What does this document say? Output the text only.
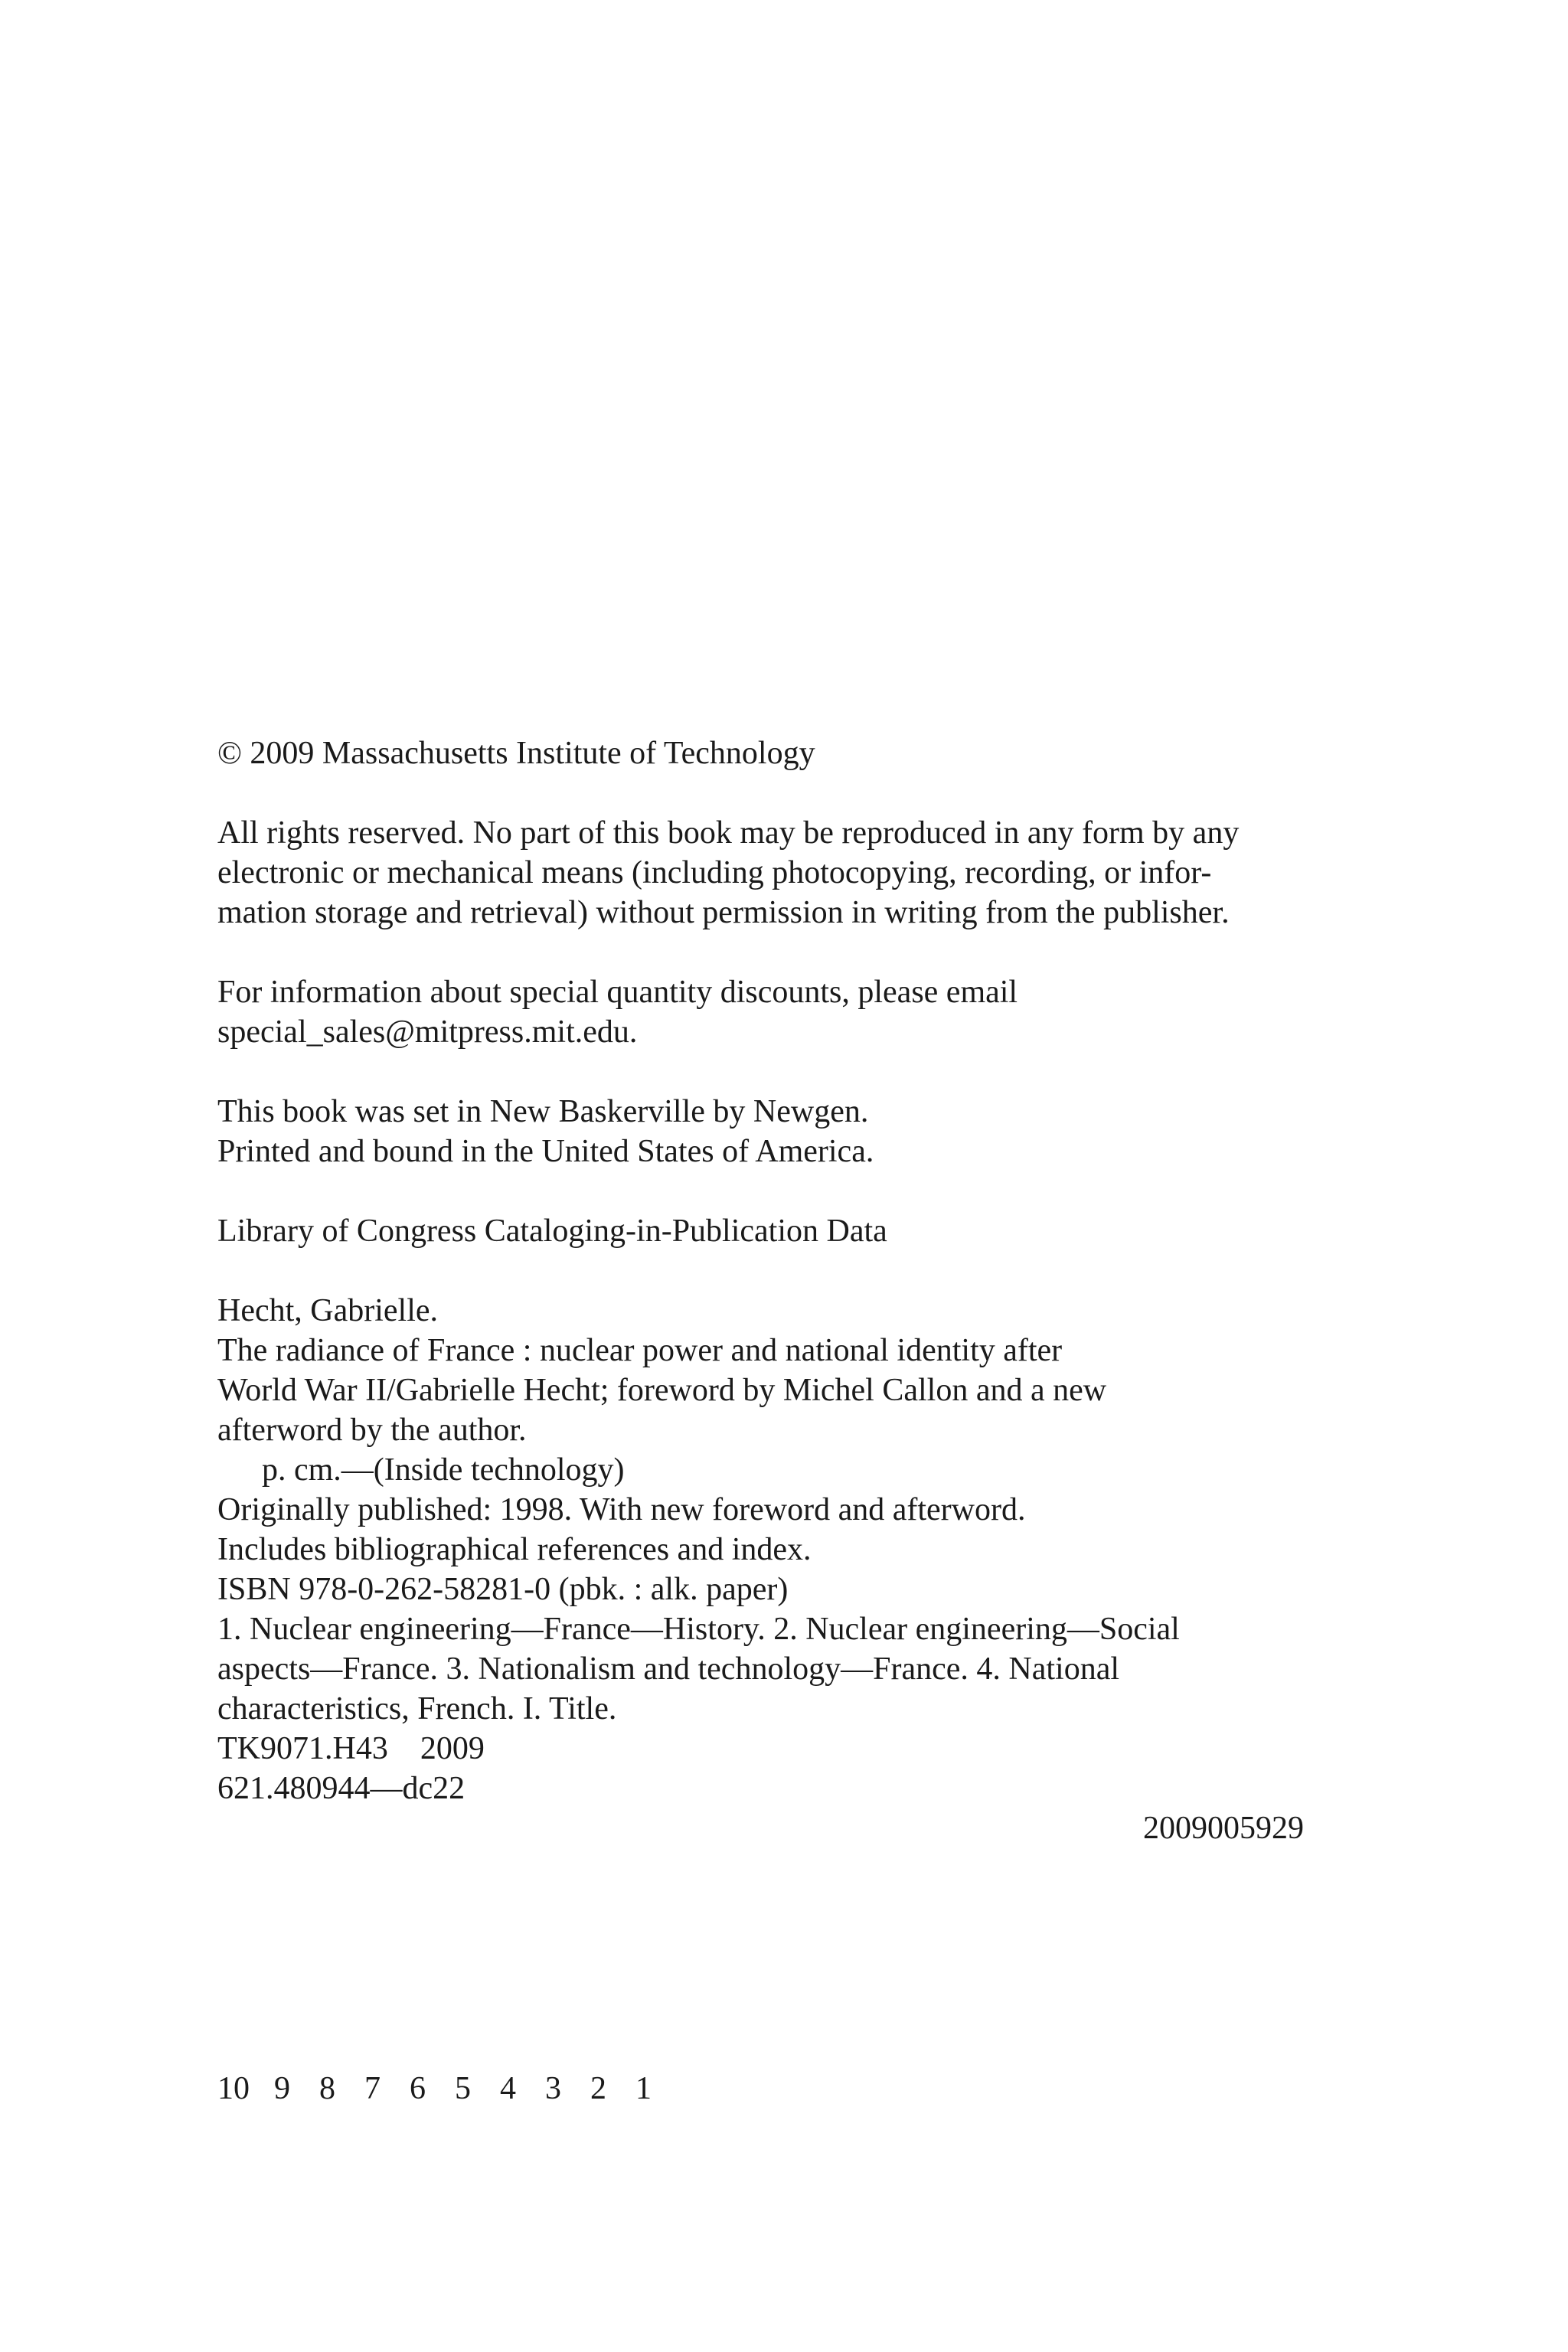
© 2009 Massachusetts Institute of Technology
All rights reserved. No part of this book may be reproduced in any form by any
electronic or mechanical means (including photocopying, recording, or infor-
mation storage and retrieval) without permission in writing from the publisher.
For information about special quantity discounts, please email
special_sales@mitpress.mit.edu.
This book was set in New Baskerville by Newgen.
Printed and bound in the United States of America.
Library of Congress Cataloging-in-Publication Data
Hecht, Gabrielle.
The radiance of France : nuclear power and national identity after
World War II/Gabrielle Hecht; foreword by Michel Callon and a new
afterword by the author.
p. cm.—(Inside technology)
Originally published: 1998. With new foreword and afterword.
Includes bibliographical references and index.
ISBN 978-0-262-58281-0 (pbk. : alk. paper)
1. Nuclear engineering—France—History. 2. Nuclear engineering—Social
aspects—France. 3. Nationalism and technology—France. 4. National
characteristics, French. I. Title.
TK9071.H43    2009
621.480944—dc22
2009005929
10 9 8 7 6 5 4 3 2 1
